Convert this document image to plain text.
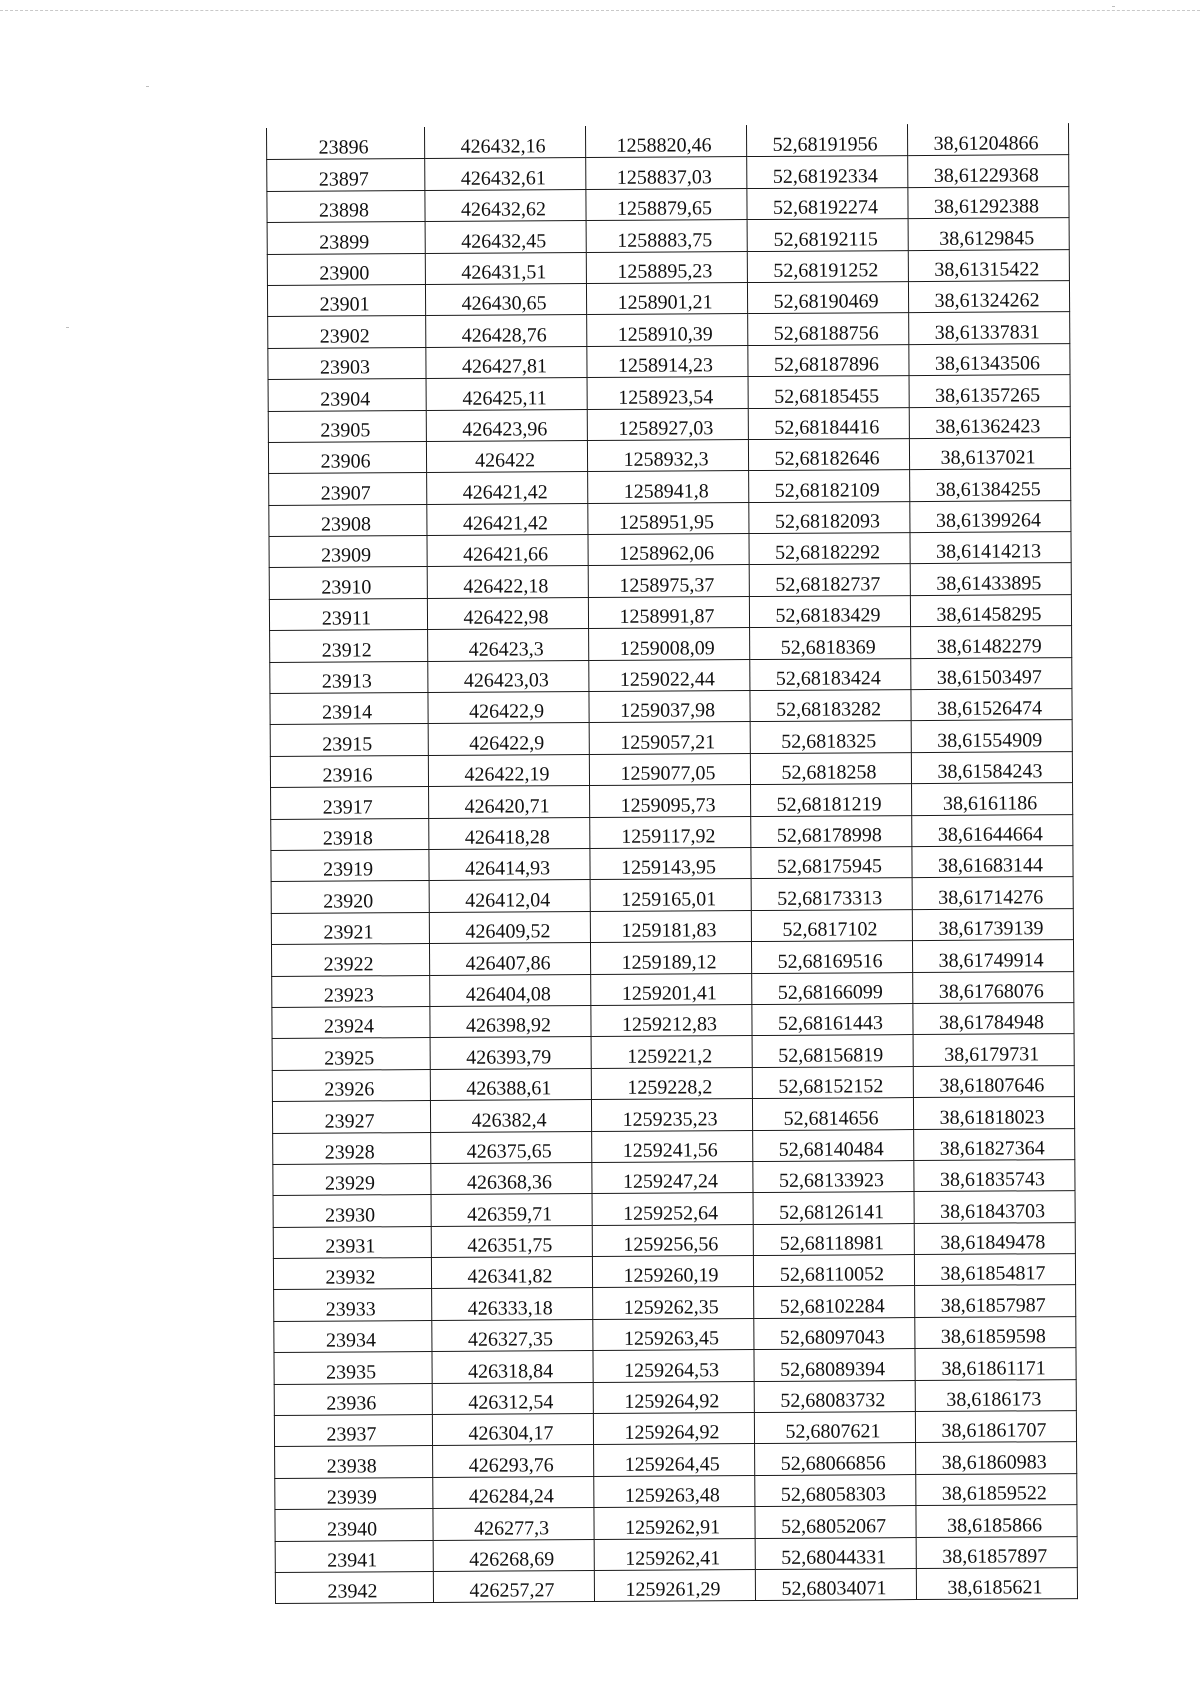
23896	426432,16	1258820,46	52,68191956	38,61204866
23897	426432,61	1258837,03	52,68192334	38,61229368
23898	426432,62	1258879,65	52,68192274	38,61292388
23899	426432,45	1258883,75	52,68192115	38,6129845
23900	426431,51	1258895,23	52,68191252	38,61315422
23901	426430,65	1258901,21	52,68190469	38,61324262
23902	426428,76	1258910,39	52,68188756	38,61337831
23903	426427,81	1258914,23	52,68187896	38,61343506
23904	426425,11	1258923,54	52,68185455	38,61357265
23905	426423,96	1258927,03	52,68184416	38,61362423
23906	426422	1258932,3	52,68182646	38,6137021
23907	426421,42	1258941,8	52,68182109	38,61384255
23908	426421,42	1258951,95	52,68182093	38,61399264
23909	426421,66	1258962,06	52,68182292	38,61414213
23910	426422,18	1258975,37	52,68182737	38,61433895
23911	426422,98	1258991,87	52,68183429	38,61458295
23912	426423,3	1259008,09	52,6818369	38,61482279
23913	426423,03	1259022,44	52,68183424	38,61503497
23914	426422,9	1259037,98	52,68183282	38,61526474
23915	426422,9	1259057,21	52,6818325	38,61554909
23916	426422,19	1259077,05	52,6818258	38,61584243
23917	426420,71	1259095,73	52,68181219	38,6161186
23918	426418,28	1259117,92	52,68178998	38,61644664
23919	426414,93	1259143,95	52,68175945	38,61683144
23920	426412,04	1259165,01	52,68173313	38,61714276
23921	426409,52	1259181,83	52,6817102	38,61739139
23922	426407,86	1259189,12	52,68169516	38,61749914
23923	426404,08	1259201,41	52,68166099	38,61768076
23924	426398,92	1259212,83	52,68161443	38,61784948
23925	426393,79	1259221,2	52,68156819	38,6179731
23926	426388,61	1259228,2	52,68152152	38,61807646
23927	426382,4	1259235,23	52,6814656	38,61818023
23928	426375,65	1259241,56	52,68140484	38,61827364
23929	426368,36	1259247,24	52,68133923	38,61835743
23930	426359,71	1259252,64	52,68126141	38,61843703
23931	426351,75	1259256,56	52,68118981	38,61849478
23932	426341,82	1259260,19	52,68110052	38,61854817
23933	426333,18	1259262,35	52,68102284	38,61857987
23934	426327,35	1259263,45	52,68097043	38,61859598
23935	426318,84	1259264,53	52,68089394	38,61861171
23936	426312,54	1259264,92	52,68083732	38,6186173
23937	426304,17	1259264,92	52,6807621	38,61861707
23938	426293,76	1259264,45	52,68066856	38,61860983
23939	426284,24	1259263,48	52,68058303	38,61859522
23940	426277,3	1259262,91	52,68052067	38,6185866
23941	426268,69	1259262,41	52,68044331	38,61857897
23942	426257,27	1259261,29	52,68034071	38,6185621
